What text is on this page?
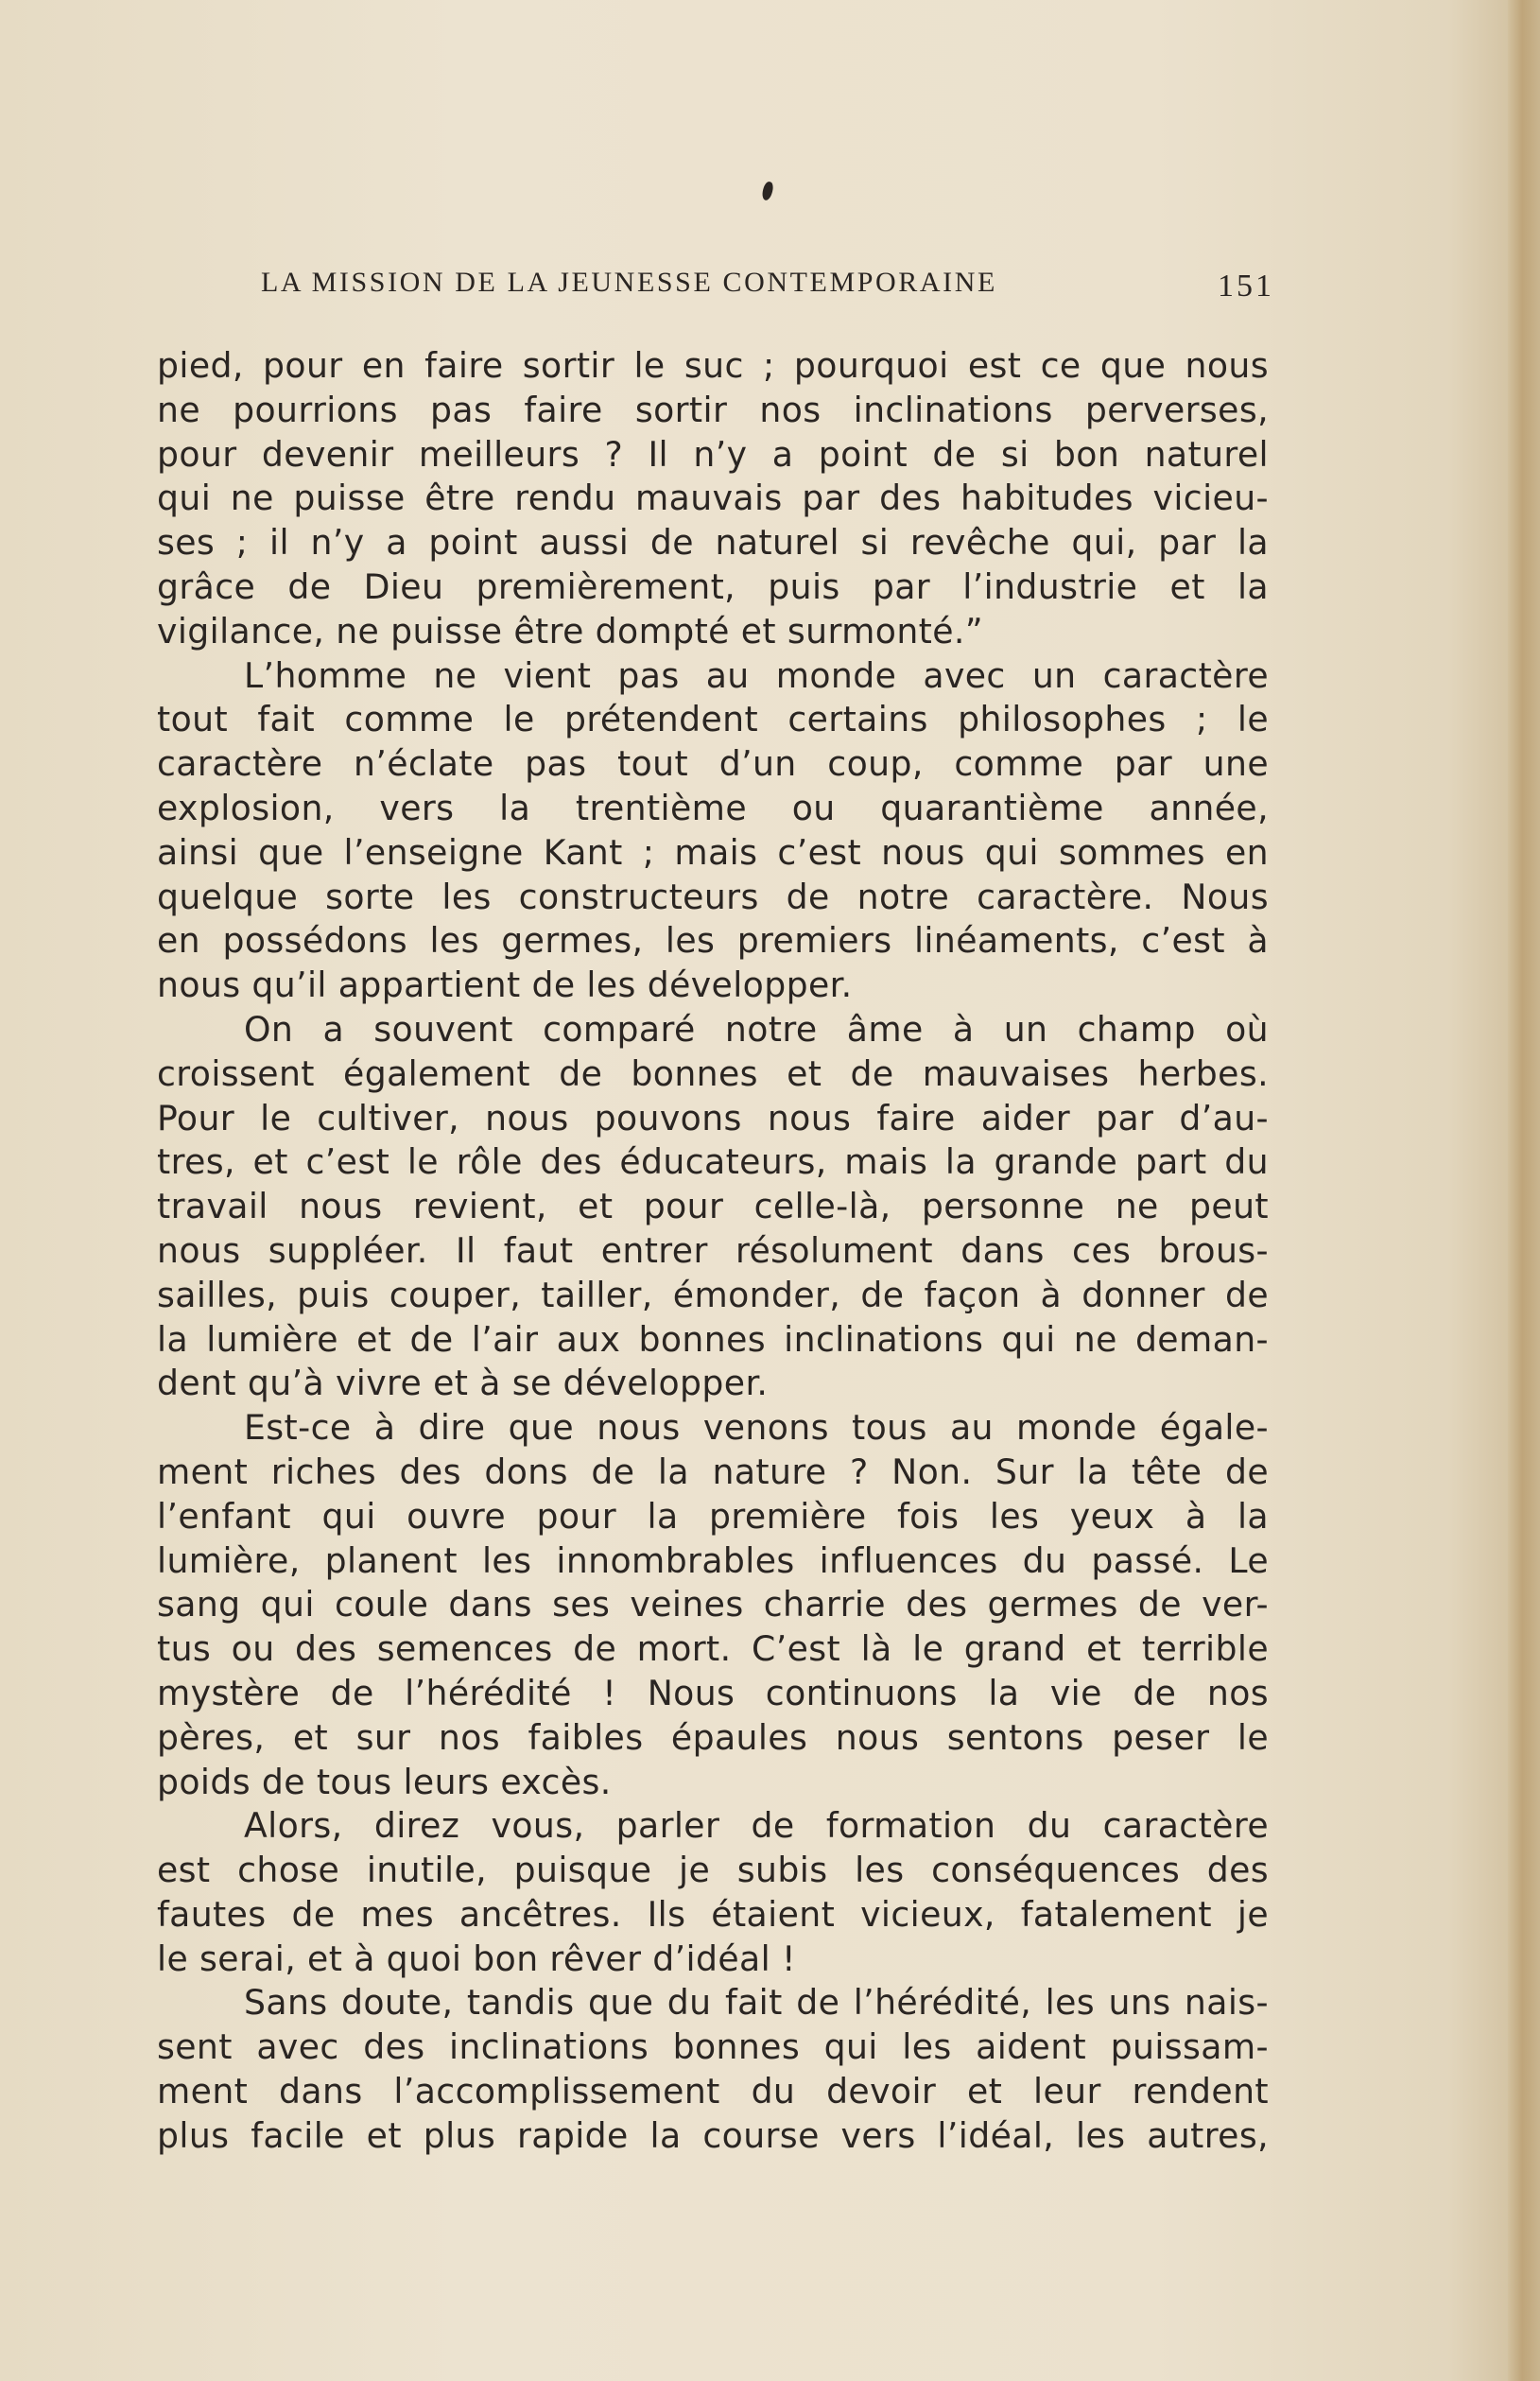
LA MISSION DE LA JEUNESSE CONTEMPORAINE	151
pied, pour en faire sortir le suc ; pourquoi est ce que nous
ne pourrions pas faire sortir nos inclinations perverses,
pour devenir meilleurs ? Il n’y a point de si bon naturel
qui ne puisse être rendu mauvais par des habitudes vicieu-
ses ; il n’y a point aussi de naturel si revêche qui, par la
grâce de Dieu premièrement, puis par l’industrie et la
vigilance, ne puisse être dompté et surmonté.”
L’homme ne vient pas au monde avec un caractère
tout fait comme le prétendent certains philosophes ; le
caractère n’éclate pas tout d’un coup, comme par une
explosion, vers la trentième ou quarantième année,
ainsi que l’enseigne Kant ; mais c’est nous qui sommes en
quelque sorte les constructeurs de notre caractère. Nous
en possédons les germes, les premiers linéaments, c’est à
nous qu’il appartient de les développer.
On a souvent comparé notre âme à un champ où
croissent également de bonnes et de mauvaises herbes.
Pour le cultiver, nous pouvons nous faire aider par d’au-
tres, et c’est le rôle des éducateurs, mais la grande part du
travail nous revient, et pour celle-là, personne ne peut
nous suppléer. Il faut entrer résolument dans ces brous-
sailles, puis couper, tailler, émonder, de façon à donner de
la lumière et de l’air aux bonnes inclinations qui ne deman-
dent qu’à vivre et à se développer.
Est-ce à dire que nous venons tous au monde égale-
ment riches des dons de la nature ? Non. Sur la tête de
l’enfant qui ouvre pour la première fois les yeux à la
lumière, planent les innombrables influences du passé. Le
sang qui coule dans ses veines charrie des germes de ver-
tus ou des semences de mort. C’est là le grand et terrible
mystère de l’hérédité ! Nous continuons la vie de nos
pères, et sur nos faibles épaules nous sentons peser le
poids de tous leurs excès.
Alors, direz vous, parler de formation du caractère
est chose inutile, puisque je subis les conséquences des
fautes de mes ancêtres. Ils étaient vicieux, fatalement je
le serai, et à quoi bon rêver d’idéal !
Sans doute, tandis que du fait de l’hérédité, les uns nais-
sent avec des inclinations bonnes qui les aident puissam-
ment dans l’accomplissement du devoir et leur rendent
plus facile et plus rapide la course vers l’idéal, les autres,
